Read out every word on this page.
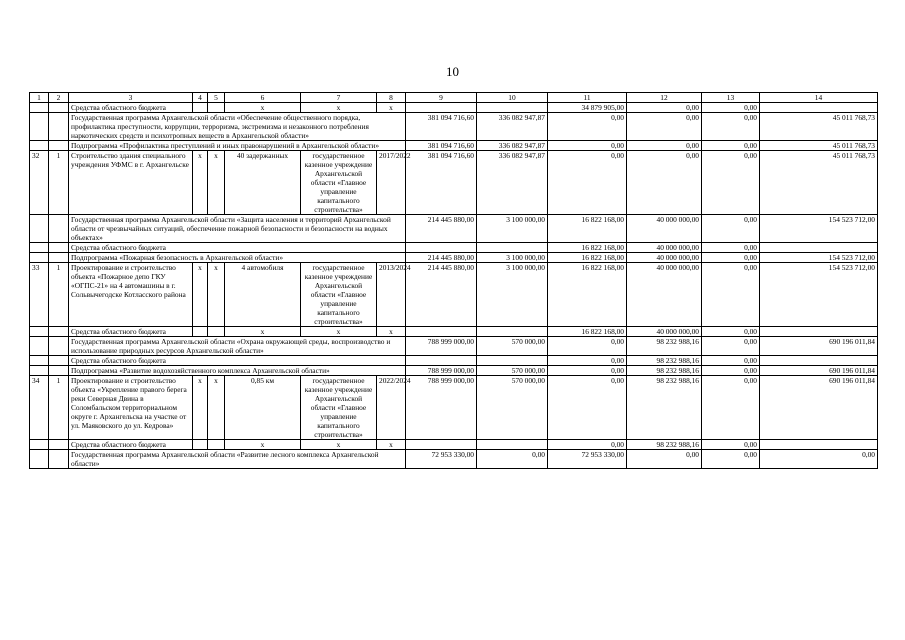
10
1	2	3	4	5	6	7	8	9	10	11	12	13	14
		Средства областного бюджета			x	x	x			34 879 905,00	0,00	0,00	
		Государственная программа Архангельской области «Обеспечение общественного порядка, профилактика преступности, коррупции, терроризма, экстремизма и незаконного потребления наркотических средств и психотропных веществ в Архангельской области»						381 094 716,60	336 082 947,87	0,00	0,00	0,00	45 011 768,73
		Подпрограмма «Профилактика преступлений и иных правонарушений в Архангельской области»						381 094 716,60	336 082 947,87	0,00	0,00	0,00	45 011 768,73
32	1	Строительство здания специального учреждения УФМС в г. Архангельске	x	x	40 задержанных	государственное казенное учреждение Архангельской области «Главное управление капитального строительства»	2017/2022	381 094 716,60	336 082 947,87	0,00	0,00	0,00	45 011 768,73
		Государственная программа Архангельской области «Защита населения и территорий Архангельской области от чрезвычайных ситуаций, обеспечение пожарной безопасности и безопасности на водных объектах»						214 445 880,00	3 100 000,00	16 822 168,00	40 000 000,00	0,00	154 523 712,00
		Средства областного бюджета								16 822 168,00	40 000 000,00	0,00	
		Подпрограмма «Пожарная безопасность в Архангельской области»						214 445 880,00	3 100 000,00	16 822 168,00	40 000 000,00	0,00	154 523 712,00
33	1	Проектирование и строительство объекта «Пожарное депо ГКУ «ОГПС-21» на 4 автомашины в г. Сольвычегодске Котласского района	x	x	4 автомобиля	государственное казенное учреждение Архангельской области «Главное управление капитального строительства»	2013/2024	214 445 880,00	3 100 000,00	16 822 168,00	40 000 000,00	0,00	154 523 712,00
		Средства областного бюджета			x	x	x			16 822 168,00	40 000 000,00	0,00	
		Государственная программа Архангельской области «Охрана окружающей среды, воспроизводство и использование природных ресурсов Архангельской области»						788 999 000,00	570 000,00	0,00	98 232 988,16	0,00	690 196 011,84
		Средства областного бюджета								0,00	98 232 988,16	0,00	
		Подпрограмма «Развитие водохозяйственного комплекса Архангельской области»						788 999 000,00	570 000,00	0,00	98 232 988,16	0,00	690 196 011,84
34	1	Проектирование и строительство объекта «Укрепление правого берега реки Северная Двина в Соломбальском территориальном округе г. Архангельска на участке от ул. Маяковского до ул. Кедрова»	x	x	0,85 км	государственное казенное учреждение Архангельской области «Главное управление капитального строительства»	2022/2024	788 999 000,00	570 000,00	0,00	98 232 988,16	0,00	690 196 011,84
		Средства областного бюджета			x	x	x			0,00	98 232 988,16	0,00	
		Государственная программа Архангельской области «Развитие лесного комплекса Архангельской области»						72 953 330,00	0,00	72 953 330,00	0,00	0,00	0,00
